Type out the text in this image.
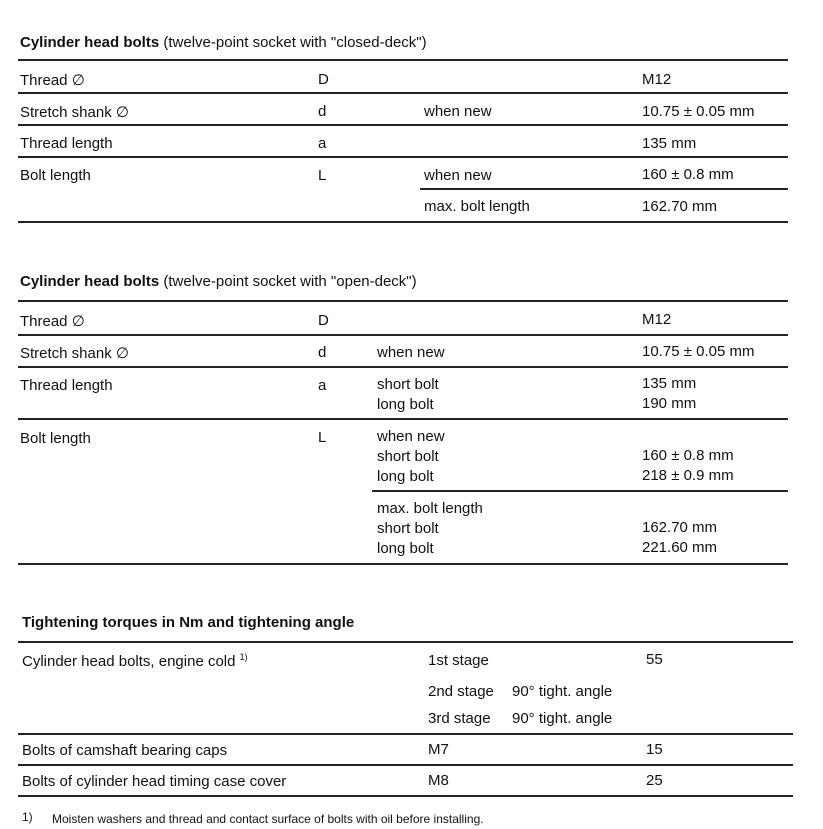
Cylinder head bolts (twelve-point socket with "closed-deck")
Thread ∅	D	M12
Stretch shank ∅	d	when new	10.75 ± 0.05 mm
Thread length	a	135 mm
Bolt length	L	when new	160 ± 0.8 mm
max. bolt length	162.70 mm
Cylinder head bolts (twelve-point socket with "open-deck")
Thread ∅	D	M12
Stretch shank ∅	d	when new	10.75 ± 0.05 mm
Thread length	a	short bolt	135 mm
long bolt	190 mm
Bolt length	L	when new
short bolt	160 ± 0.8 mm
long bolt	218 ± 0.9 mm
max. bolt length
short bolt	162.70 mm
long bolt	221.60 mm
Tightening torques in Nm and tightening angle
Cylinder head bolts, engine cold $^{1)}$	1st stage	55
2nd stage 90° tight. angle
3rd stage 90° tight. angle
Bolts of camshaft bearing caps	M7	15
Bolts of cylinder head timing case cover	M8	25
1) Moisten washers and thread and contact surface of bolts with oil before installing.
